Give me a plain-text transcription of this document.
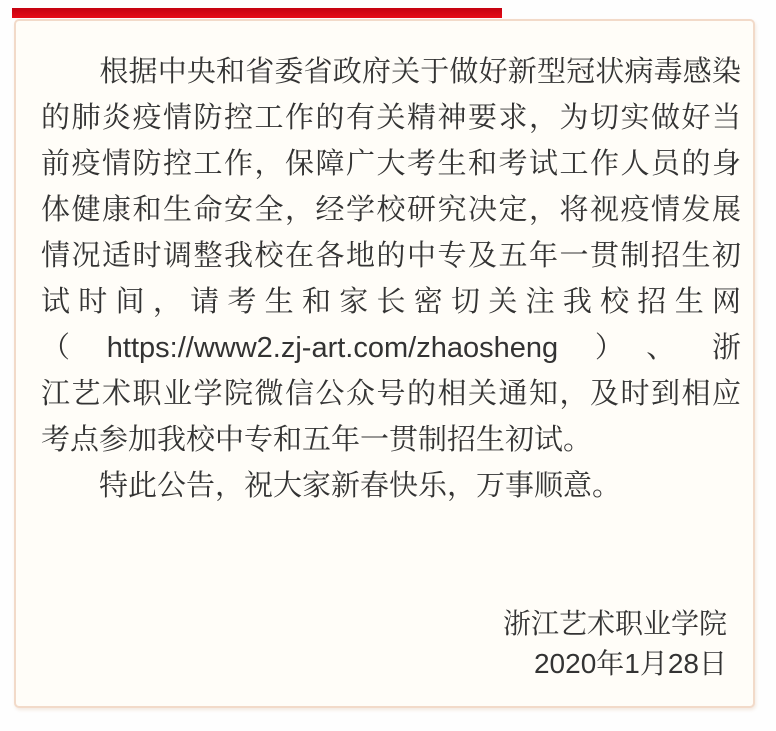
　　根据中央和省委省政府关于做好新型冠状病毒感染
的肺炎疫情防控工作的有关精神要求，为切实做好当
前疫情防控工作，保障广大考生和考试工作人员的身
体健康和生命安全，经学校研究决定，将视疫情发展
情况适时调整我校在各地的中专及五年一贯制招生初
试时间，请考生和家长密切关注我校招生网
（https://www2.zj-art.com/zhaosheng）、浙
江艺术职业学院微信公众号的相关通知，及时到相应
考点参加我校中专和五年一贯制招生初试。
　　特此公告，祝大家新春快乐，万事顺意。
浙江艺术职业学院
2020年1月28日
